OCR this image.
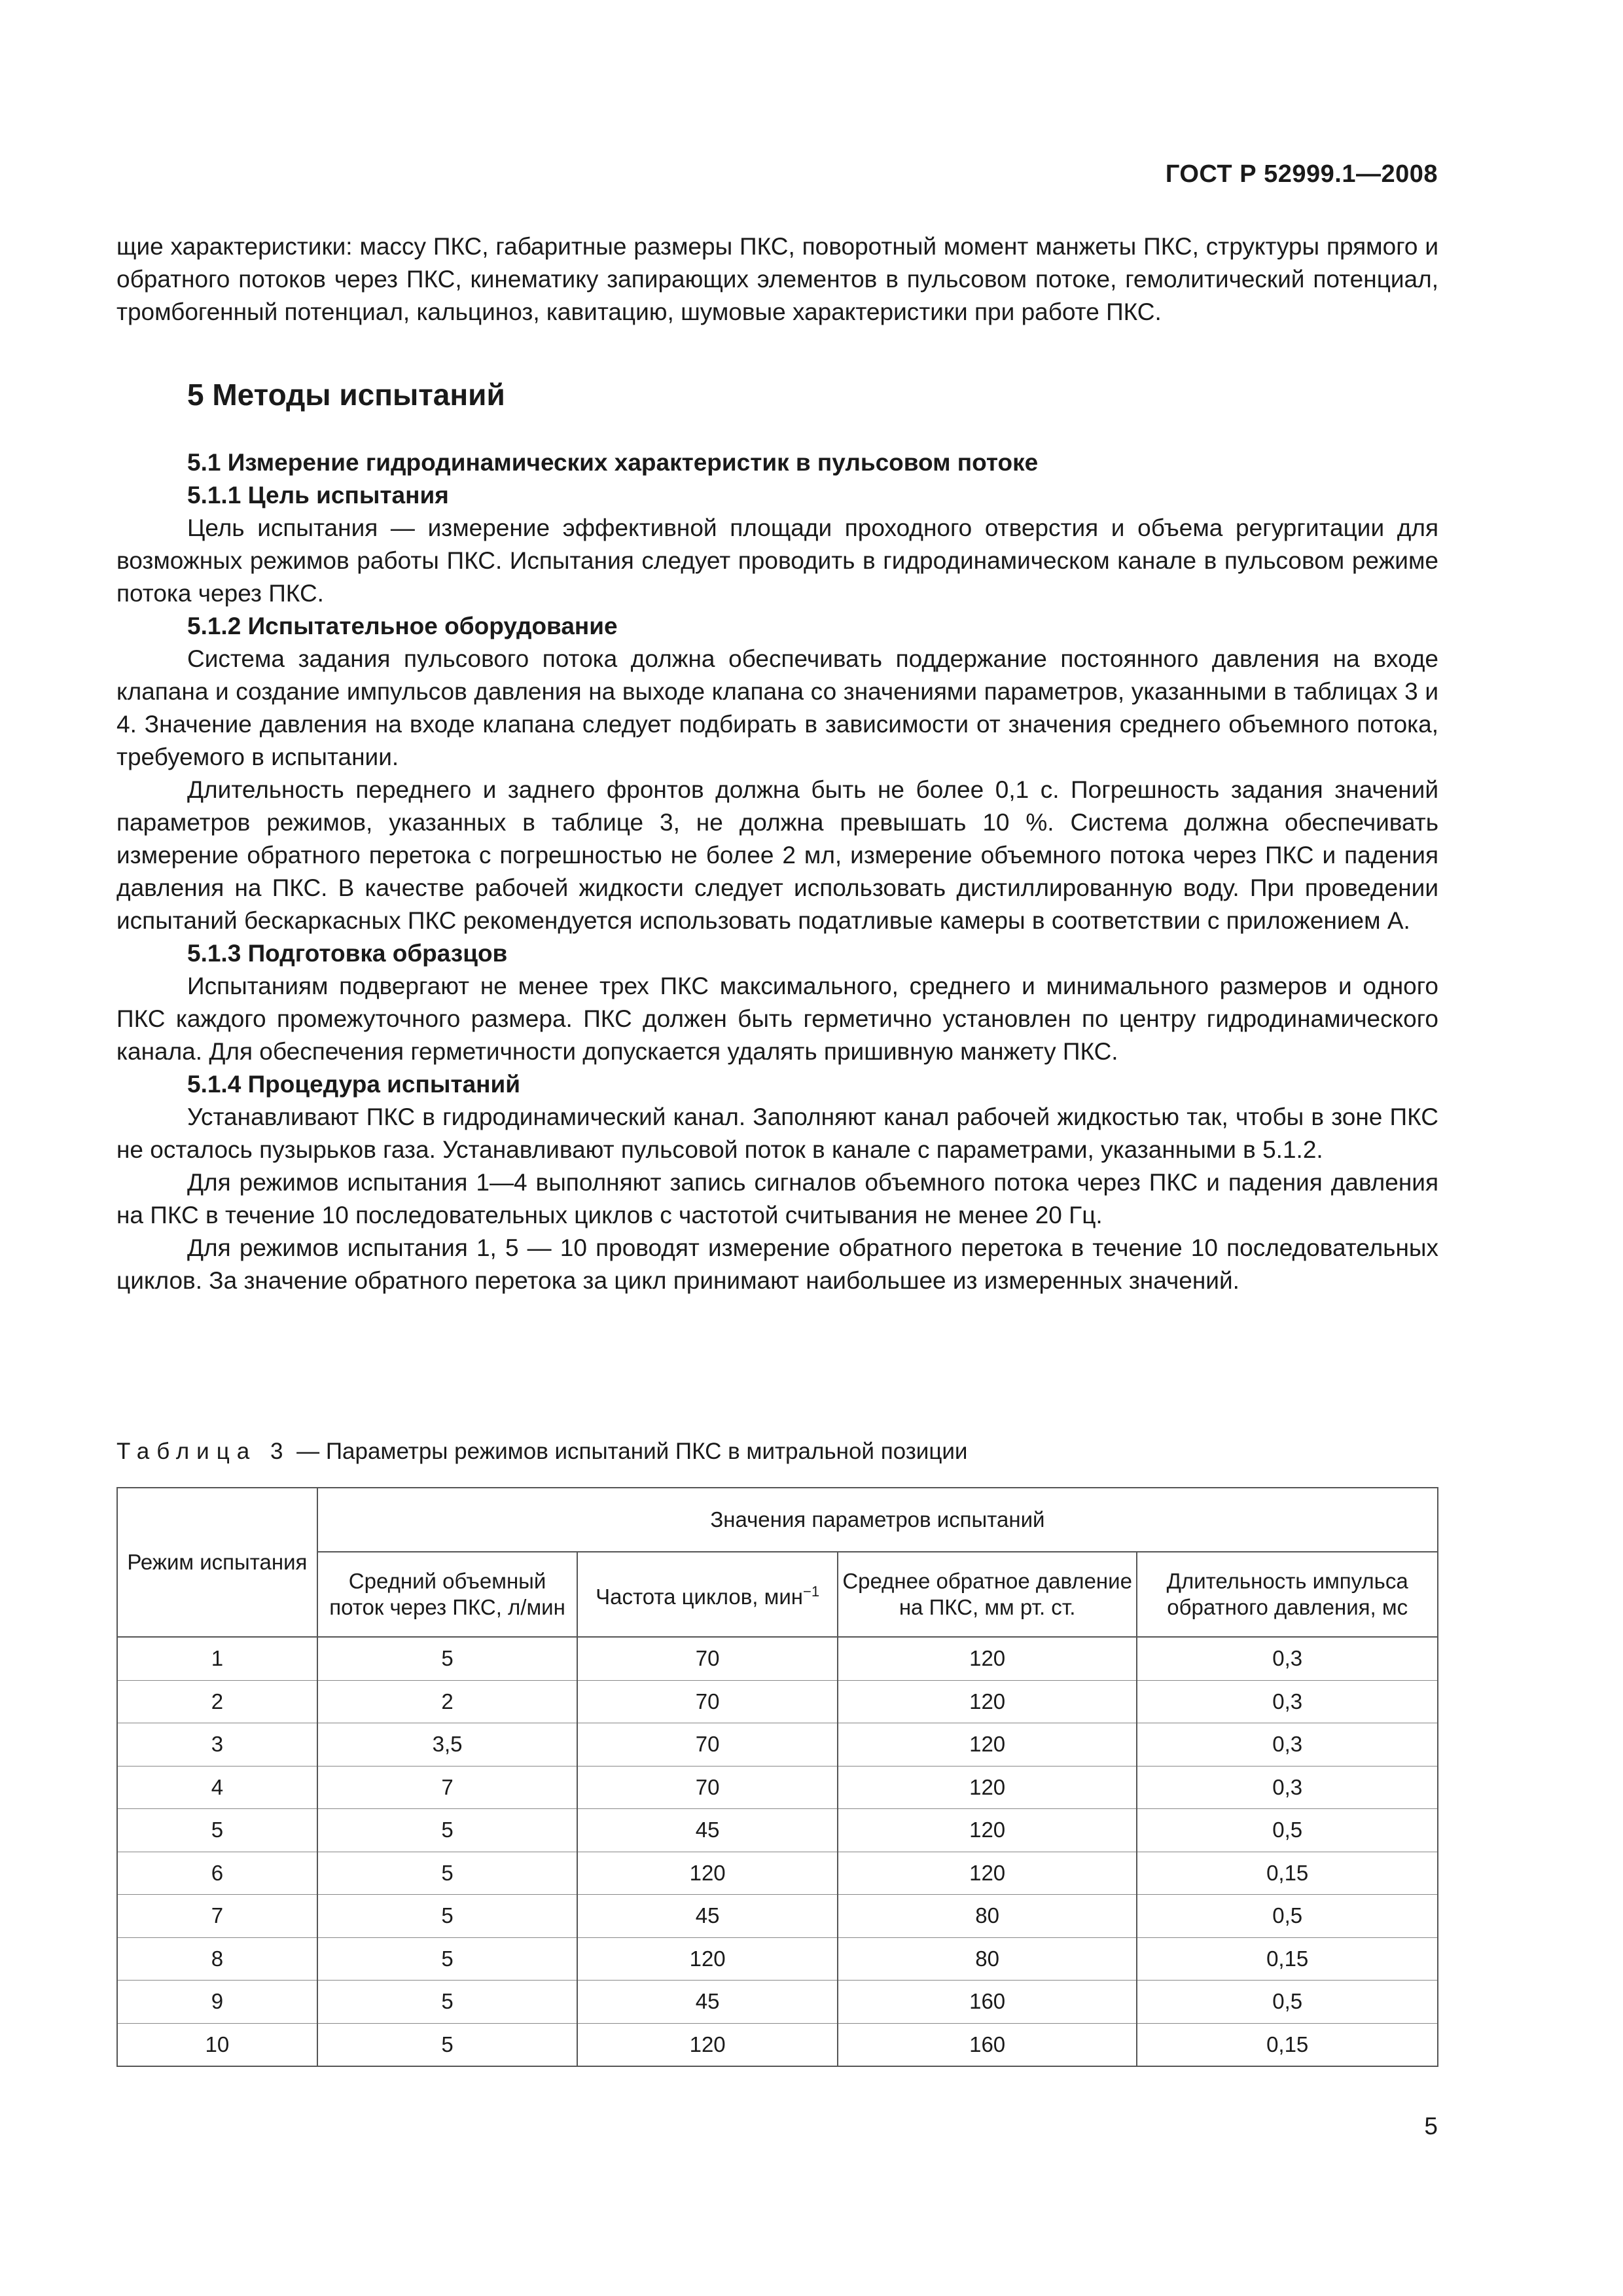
ГОСТ Р 52999.1—2008

щие характеристики: массу ПКС, габаритные размеры ПКС, поворотный момент манжеты ПКС, структуры прямого и обратного потоков через ПКС, кинематику запирающих элементов в пульсовом потоке, гемолитический потенциал, тромбогенный потенциал, кальциноз, кавитацию, шумовые характеристики при работе ПКС.

5 Методы испытаний
5.1 Измерение гидродинамических характеристик в пульсовом потоке
5.1.1 Цель испытания

Цель испытания — измерение эффективной площади проходного отверстия и объема регургитации для возможных режимов работы ПКС. Испытания следует проводить в гидродинамическом канале в пульсовом режиме потока через ПКС.

5.1.2 Испытательное оборудование

Система задания пульсового потока должна обеспечивать поддержание постоянного давления на входе клапана и создание импульсов давления на выходе клапана со значениями параметров, указанными в таблицах 3 и 4. Значение давления на входе клапана следует подбирать в зависимости от значения среднего объемного потока, требуемого в испытании.

Длительность переднего и заднего фронтов должна быть не более 0,1 с. Погрешность задания значений параметров режимов, указанных в таблице 3, не должна превышать 10 %. Система должна обеспечивать измерение обратного перетока с погрешностью не более 2 мл, измерение объемного потока через ПКС и падения давления на ПКС. В качестве рабочей жидкости следует использовать дистиллированную воду. При проведении испытаний бескаркасных ПКС рекомендуется использовать податливые камеры в соответствии с приложением А.

5.1.3 Подготовка образцов

Испытаниям подвергают не менее трех ПКС максимального, среднего и минимального размеров и одного ПКС каждого промежуточного размера. ПКС должен быть герметично установлен по центру гидродинамического канала. Для обеспечения герметичности допускается удалять пришивную манжету ПКС.

5.1.4 Процедура испытаний

Устанавливают ПКС в гидродинамический канал. Заполняют канал рабочей жидкостью так, чтобы в зоне ПКС не осталось пузырьков газа. Устанавливают пульсовой поток в канале с параметрами, указанными в 5.1.2.

Для режимов испытания 1—4 выполняют запись сигналов объемного потока через ПКС и падения давления на ПКС в течение 10 последовательных циклов с частотой считывания не менее 20 Гц.

Для режимов испытания 1, 5 — 10 проводят измерение обратного перетока в течение 10 последовательных циклов. За значение обратного перетока за цикл принимают наибольшее из измеренных значений.

Таблица 3 — Параметры режимов испытаний ПКС в митральной позиции
Режим испытания	Значения параметров испытаний			
	Средний объемный поток через ПКС, л/мин	Частота циклов, мин$^{-1}$	Среднее обратное давление на ПКС, мм рт. ст.	Длительность импульса обратного давления, мс
1	5	70	120	0,3
2	2	70	120	0,3
3	3,5	70	120	0,3
4	7	70	120	0,3
5	5	45	120	0,5
6	5	120	120	0,15
7	5	45	80	0,5
8	5	120	80	0,15
9	5	45	160	0,5
10	5	120	160	0,15
5
